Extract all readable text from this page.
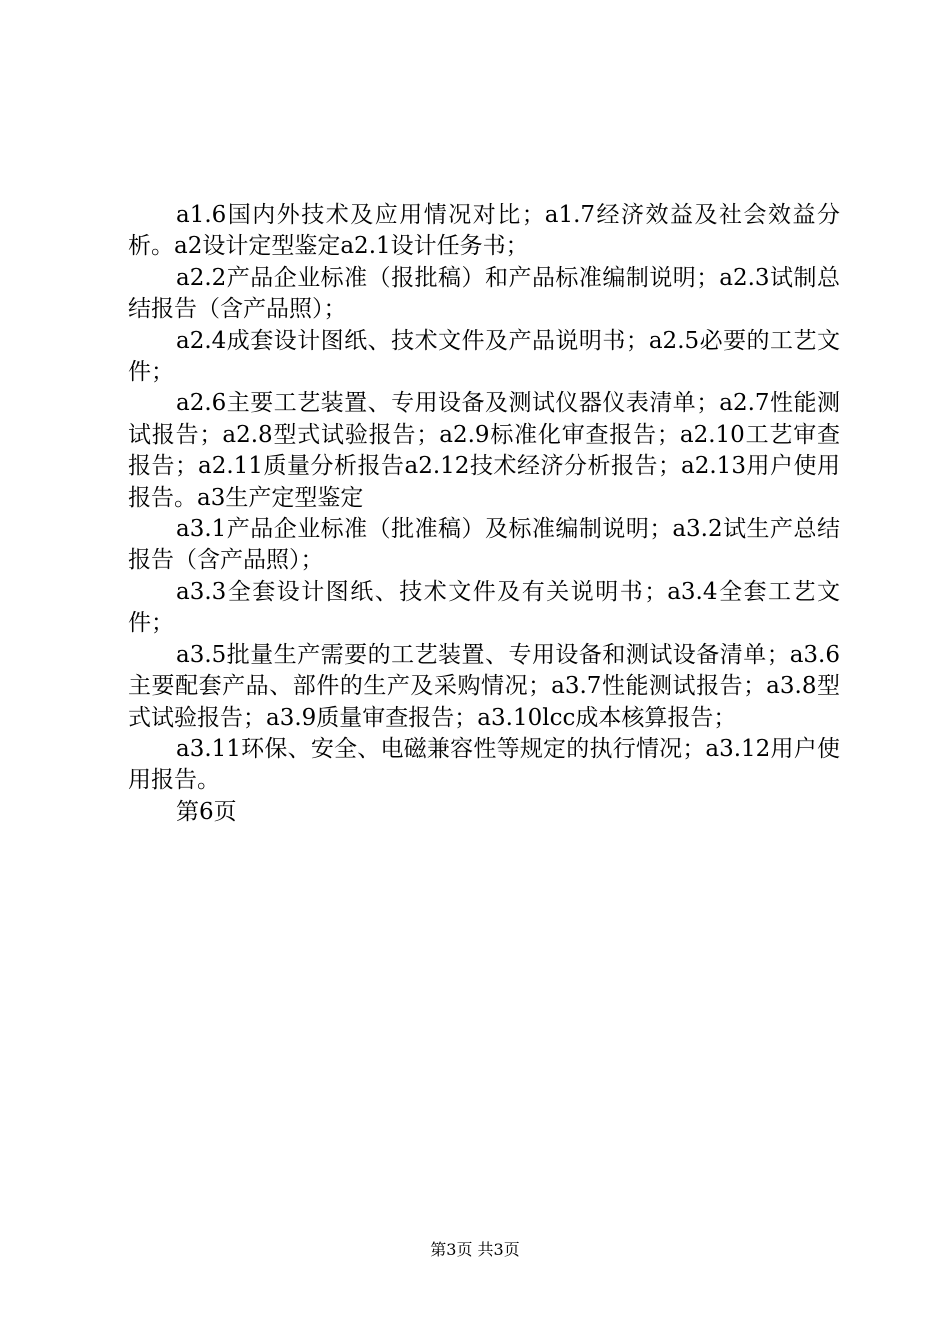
a1.6国内外技术及应用情况对比；a1.7经济效益及社会效益分析。a2设计定型鉴定a2.1设计任务书；

a2.2产品企业标准（报批稿）和产品标准编制说明；a2.3试制总结报告（含产品照）；

a2.4成套设计图纸、技术文件及产品说明书；a2.5必要的工艺文件；

a2.6主要工艺装置、专用设备及测试仪器仪表清单；a2.7性能测试报告；a2.8型式试验报告；a2.9标准化审查报告；a2.10工艺审查报告；a2.11质量分析报告a2.12技术经济分析报告；a2.13用户使用报告。a3生产定型鉴定

a3.1产品企业标准（批准稿）及标准编制说明；a3.2试生产总结报告（含产品照）；

a3.3全套设计图纸、技术文件及有关说明书；a3.4全套工艺文件；

a3.5批量生产需要的工艺装置、专用设备和测试设备清单；a3.6主要配套产品、部件的生产及采购情况；a3.7性能测试报告；a3.8型式试验报告；a3.9质量审查报告；a3.10lcc成本核算报告；

a3.11环保、安全、电磁兼容性等规定的执行情况；a3.12用户使用报告。

第6页

第3页 共3页
